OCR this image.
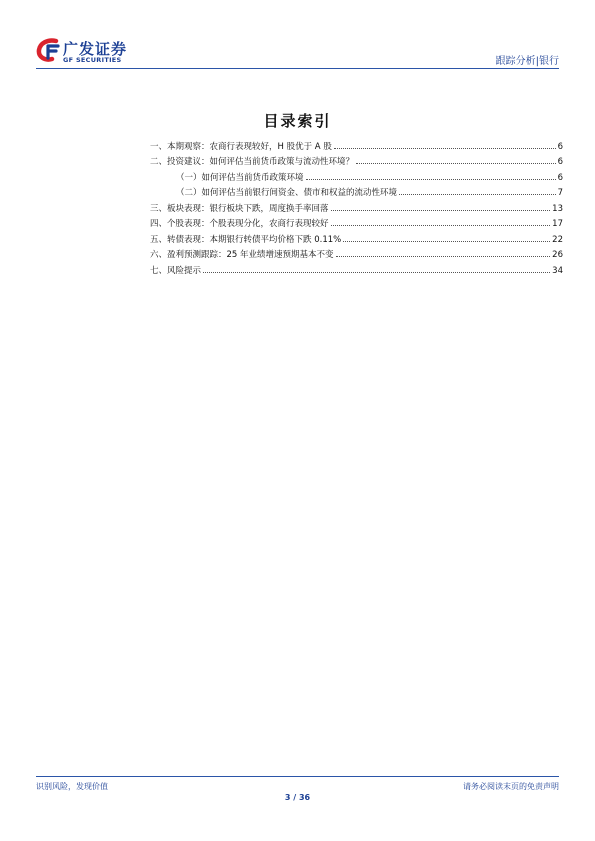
广发证券
GF SECURITIES	跟踪分析|银行
目录索引
一、本期观察：农商行表现较好，H 股优于 A 股	6
二、投资建议：如何评估当前货币政策与流动性环境？	6
（一）如何评估当前货币政策环境	6
（二）如何评估当前银行间资金、债市和权益的流动性环境	7
三、板块表现：银行板块下跌，周度换手率回落	13
四、个股表现：个股表现分化，农商行表现较好	17
五、转债表现：本期银行转债平均价格下跌 0.11%	22
六、盈利预测跟踪：25 年业绩增速预期基本不变	26
七、风险提示	34
识别风险，发现价值	请务必阅读末页的免责声明
3 / 36
